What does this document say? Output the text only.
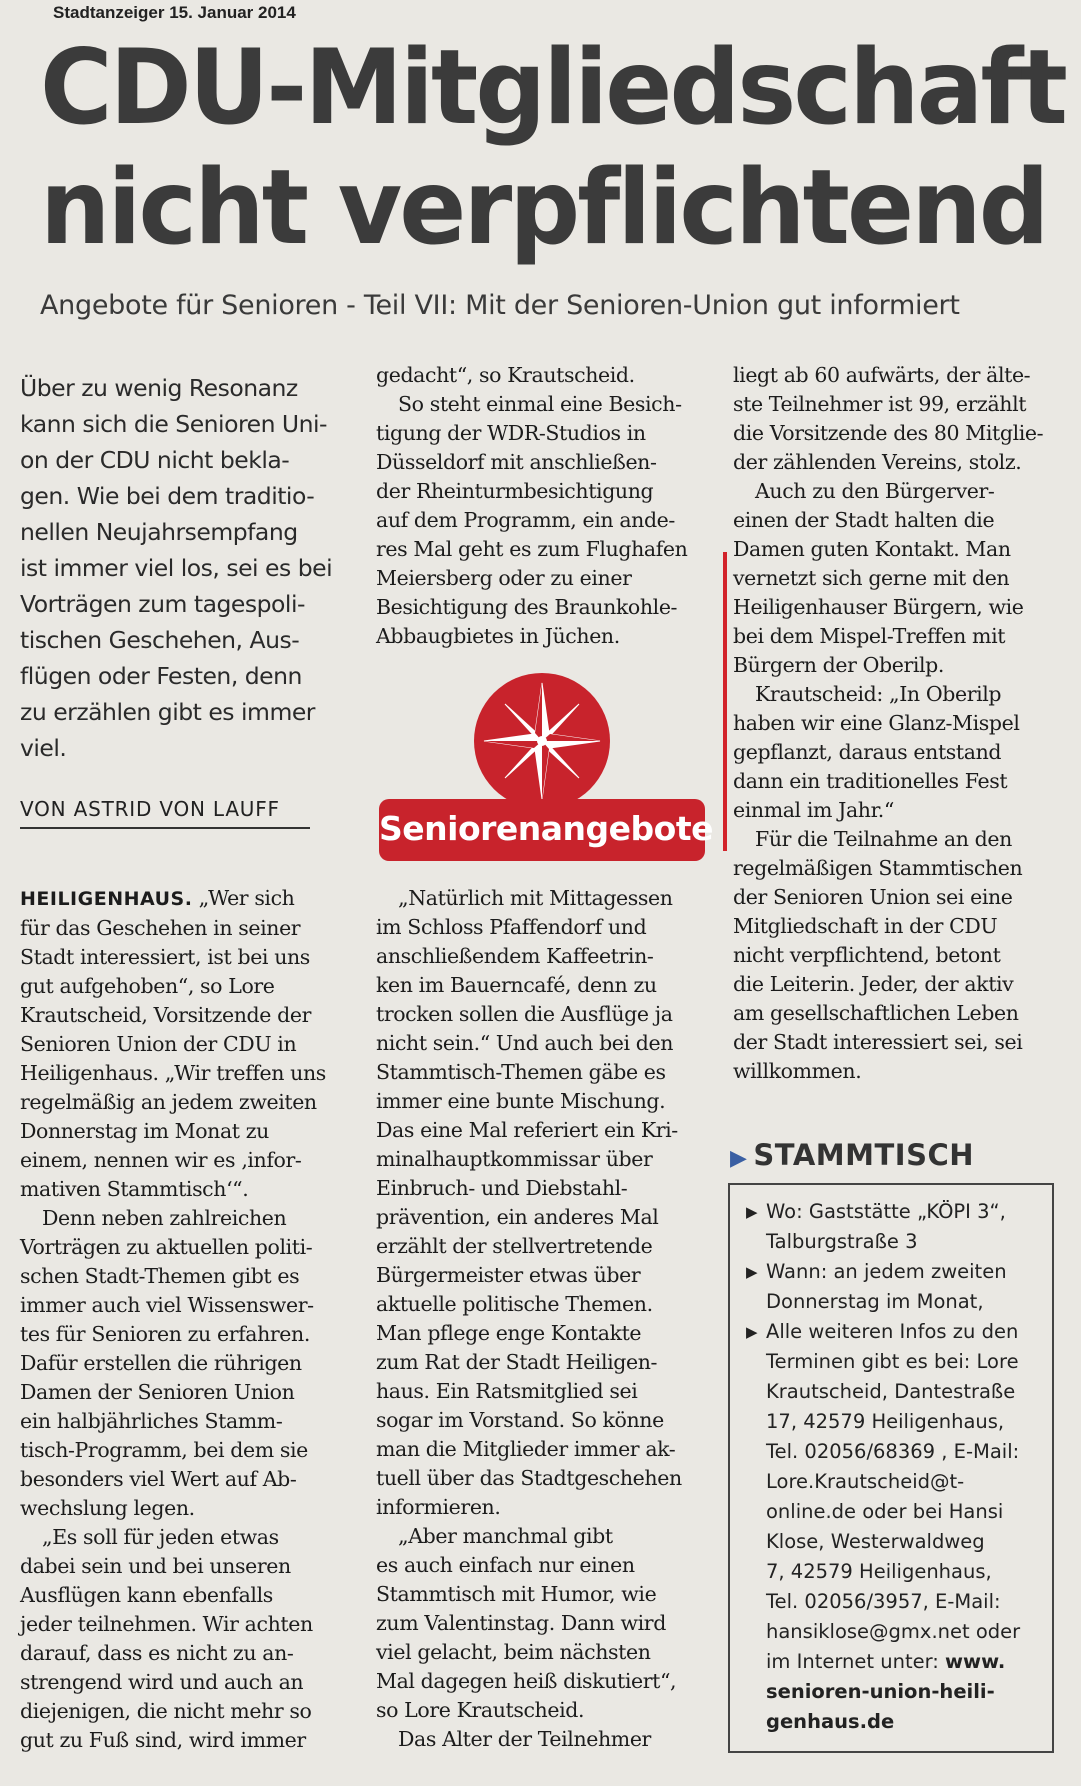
Stadtanzeiger 15. Januar 2014
CDU-Mitgliedschaft
nicht verpflichtend
Angebote für Senioren - Teil VII: Mit der Senioren-Union gut informiert
Über zu wenig Resonanz
kann sich die Senioren Uni-
on der CDU nicht bekla-
gen. Wie bei dem traditio-
nellen Neujahrsempfang
ist immer viel los, sei es bei
Vorträgen zum tagespoli-
tischen Geschehen, Aus-
flügen oder Festen, denn
zu erzählen gibt es immer
viel.
VON ASTRID VON LAUFF

HEILIGENHAUS. „Wer sich
für das Geschehen in seiner
Stadt interessiert, ist bei uns
gut aufgehoben“, so Lore
Krautscheid, Vorsitzende der
Senioren Union der CDU in
Heiligenhaus. „Wir treffen uns
regelmäßig an jedem zweiten
Donnerstag im Monat zu
einem, nennen wir es ‚infor-
mativen Stammtisch‘“.

Denn neben zahlreichen
Vorträgen zu aktuellen politi-
schen Stadt-Themen gibt es
immer auch viel Wissenswer-
tes für Senioren zu erfahren.
Dafür erstellen die rührigen
Damen der Senioren Union
ein halbjährliches Stamm-
tisch-Programm, bei dem sie
besonders viel Wert auf Ab-
wechslung legen.

„Es soll für jeden etwas
dabei sein und bei unseren
Ausflügen kann ebenfalls
jeder teilnehmen. Wir achten
darauf, dass es nicht zu an-
strengend wird und auch an
diejenigen, die nicht mehr so
gut zu Fuß sind, wird immer

gedacht“, so Krautscheid.

So steht einmal eine Besich-
tigung der WDR-Studios in
Düsseldorf mit anschließen-
der Rheinturmbesichtigung
auf dem Programm, ein ande-
res Mal geht es zum Flughafen
Meiersberg oder zu einer
Besichtigung des Braunkohle-
Abbaugbietes in Jüchen.

Seniorenangebote

„Natürlich mit Mittagessen
im Schloss Pfaffendorf und
anschließendem Kaffeetrin-
ken im Bauerncafé, denn zu
trocken sollen die Ausflüge ja
nicht sein.“ Und auch bei den
Stammtisch-Themen gäbe es
immer eine bunte Mischung.
Das eine Mal referiert ein Kri-
minalhauptkommissar über
Einbruch- und Diebstahl-
prävention, ein anderes Mal
erzählt der stellvertretende
Bürgermeister etwas über
aktuelle politische Themen.
Man pflege enge Kontakte
zum Rat der Stadt Heiligen-
haus. Ein Ratsmitglied sei
sogar im Vorstand. So könne
man die Mitglieder immer ak-
tuell über das Stadtgeschehen
informieren.

„Aber manchmal gibt
es auch einfach nur einen
Stammtisch mit Humor, wie
zum Valentinstag. Dann wird
viel gelacht, beim nächsten
Mal dagegen heiß diskutiert“,
so Lore Krautscheid.

Das Alter der Teilnehmer

liegt ab 60 aufwärts, der älte-
ste Teilnehmer ist 99, erzählt
die Vorsitzende des 80 Mitglie-
der zählenden Vereins, stolz.

Auch zu den Bürgerver-
einen der Stadt halten die
Damen guten Kontakt. Man
vernetzt sich gerne mit den
Heiligenhauser Bürgern, wie
bei dem Mispel-Treffen mit
Bürgern der Oberilp.

Krautscheid: „In Oberilp
haben wir eine Glanz-Mispel
gepflanzt, daraus entstand
dann ein traditionelles Fest
einmal im Jahr.“

Für die Teilnahme an den
regelmäßigen Stammtischen
der Senioren Union sei eine
Mitgliedschaft in der CDU
nicht verpflichtend, betont
die Leiterin. Jeder, der aktiv
am gesellschaftlichen Leben
der Stadt interessiert sei, sei
willkommen.

▶ STAMMTISCH
▶ Wo: Gaststätte „KÖPI 3“,
Talburgstraße 3
▶ Wann: an jedem zweiten
Donnerstag im Monat,
▶ Alle weiteren Infos zu den
Terminen gibt es bei: Lore
Krautscheid, Dantestraße
17, 42579 Heiligenhaus,
Tel. 02056/68369 , E-Mail:
Lore.Krautscheid@t-
online.de oder bei Hansi
Klose, Westerwaldweg
7, 42579 Heiligenhaus,
Tel. 02056/3957, E-Mail:
hansiklose@gmx.net oder
im Internet unter: www.
senioren-union-heili-
genhaus.de
